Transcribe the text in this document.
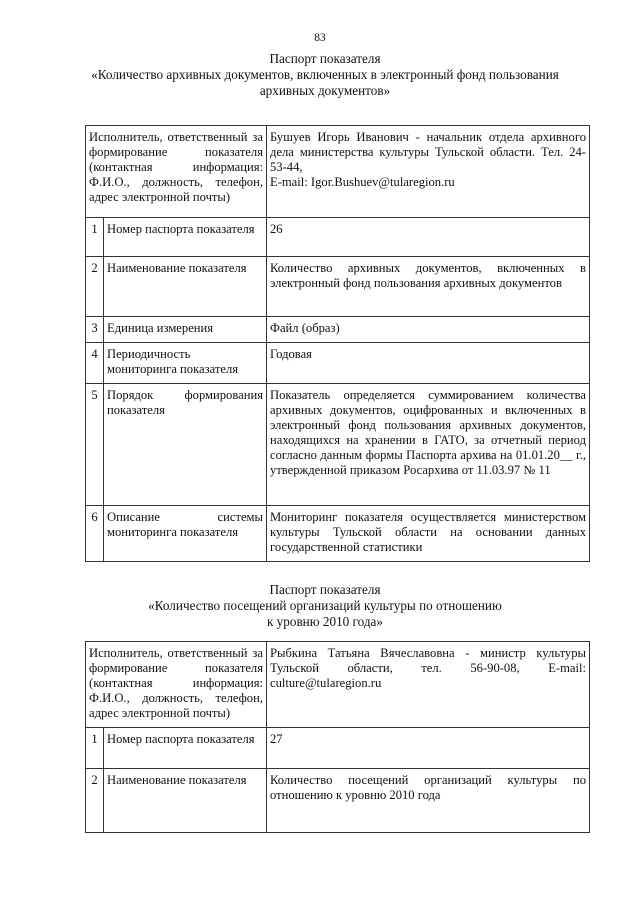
83
Паспорт показателя
«Количество архивных документов, включенных в электронный фонд пользования
архивных документов»
Исполнитель, ответственный за формирование показателя (контактная информация: Ф.И.О., должность, телефон, адрес электронной почты)		Бушуев Игорь Иванович - начальник отдела архивного дела министерства культуры Тульской области. Тел. 24-53-44,
E-mail: Igor.Bushuev@tularegion.ru

1	Номер паспорта показателя	26
2	Наименование показателя	Количество архивных документов, включенных в электронный фонд пользования архивных документов
3	Единица измерения	Файл (образ)
4	Периодичность мониторинга показателя	Годовая
5	Порядок формирования показателя	Показатель определяется суммированием количества архивных документов, оцифрованных и включенных в электронный фонд пользования архивных документов, находящихся на хранении в ГАТО, за отчетный период согласно данным формы Паспорта архива на 01.01.20__ г., утвержденной приказом Росархива от 11.03.97 № 11
6	Описание системы мониторинга показателя	Мониторинг показателя осуществляется министерством культуры Тульской области на основании данных государственной статистики
Паспорт показателя
«Количество посещений организаций культуры по отношению
к уровню 2010 года»
Исполнитель, ответственный за формирование показателя (контактная информация: Ф.И.О., должность, телефон, адрес электронной почты)		Рыбкина Татьяна Вячеславовна - министр культуры Тульской области, тел. 56-90-08, E-mail: culture@tularegion.ru
1	Номер паспорта показателя	27
2	Наименование показателя	Количество посещений организаций культуры по отношению к уровню 2010 года
